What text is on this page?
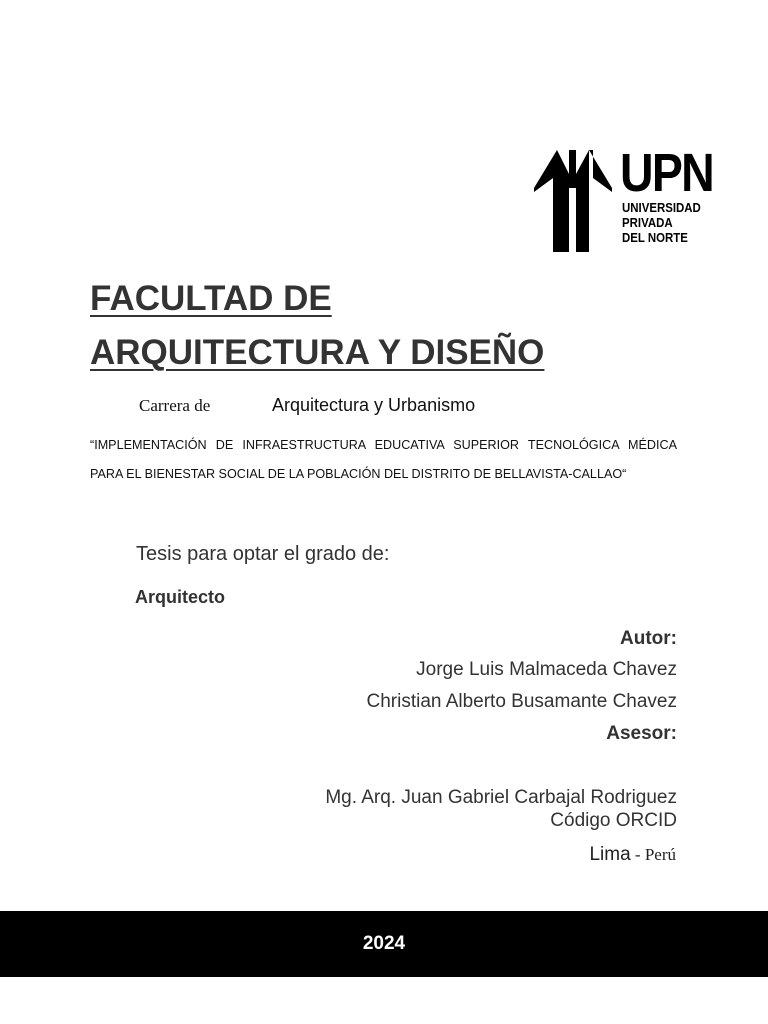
UPN
UNIVERSIDAD
PRIVADA
DEL NORTE
FACULTAD DE
ARQUITECTURA Y DISEÑO
Carrera de	Arquitectura y Urbanismo
“IMPLEMENTACIÓN DE INFRAESTRUCTURA EDUCATIVA SUPERIOR TECNOLÓGICA MÉDICA PARA EL BIENESTAR SOCIAL DE LA POBLACIÓN DEL DISTRITO DE BELLAVISTA-CALLAO“
Tesis para optar el grado de:
Arquitecto
Autor:
Jorge Luis Malmaceda Chavez
Christian Alberto Busamante Chavez
Asesor:
Mg. Arq. Juan Gabriel Carbajal Rodriguez
Código ORCID
Lima - Perú
2024
